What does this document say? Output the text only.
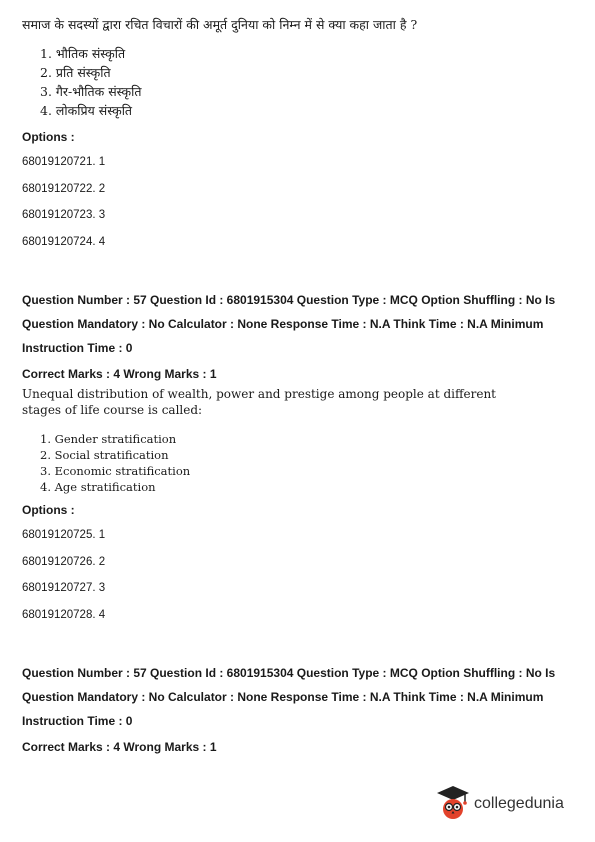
समाज के सदस्यों द्वारा रचित विचारों की अमूर्त दुनिया को निम्न में से क्या कहा जाता है ?
1. भौतिक संस्कृति
2. प्रति संस्कृति
3. गैर-भौतिक संस्कृति
4. लोकप्रिय संस्कृति
Options :
68019120721. 1
68019120722. 2
68019120723. 3
68019120724. 4
Question Number : 57 Question Id : 6801915304 Question Type : MCQ Option Shuffling : No Is
Question Mandatory : No Calculator : None Response Time : N.A Think Time : N.A Minimum
Instruction Time : 0
Correct Marks : 4 Wrong Marks : 1
Unequal distribution of wealth, power and prestige among people at different
stages of life course is called:
1. Gender stratification
2. Social stratification
3. Economic stratification
4. Age stratification
Options :
68019120725. 1
68019120726. 2
68019120727. 3
68019120728. 4
Question Number : 57 Question Id : 6801915304 Question Type : MCQ Option Shuffling : No Is
Question Mandatory : No Calculator : None Response Time : N.A Think Time : N.A Minimum
Instruction Time : 0
Correct Marks : 4 Wrong Marks : 1
collegedunia
